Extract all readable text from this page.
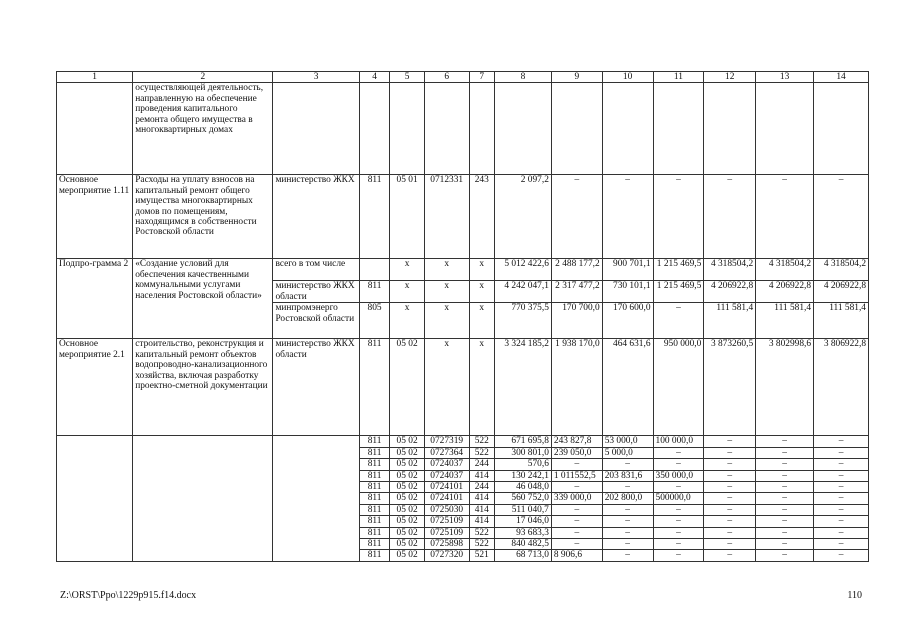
1	2	3	4	5	6	7	8	9	10	11	12	13	14
	осуществляющей деятельность, направленную на обеспечение проведения капитального ремонта общего имущества в многоквартирных домах												
Основное мероприятие 1.11	Расходы на уплату взносов на капитальный ремонт общего имущества многоквартирных домов по помещениям, находящимся в собственности Ростовской области	министерство ЖКХ	811	05 01	0712331	243	2 097,2	–	–	–	–	–	–
Подпро-грамма 2	«Создание условий для обеспечения качественными коммунальными услугами населения Ростовской области»	всего в том числе		x	x	x	5 012 422,6	2 488 177,2	900 701,1	1 215 469,5	4 318504,2	4 318504,2	4 318504,2
		министерство ЖКХ области	811	x	x	x	4 242 047,1	2 317 477,2	730 101,1	1 215 469,5	4 206922,8	4 206922,8	4 206922,8
		минпромэнерго Ростовской области	805	x	x	x	770 375,5	170 700,0	170 600,0	–	111 581,4	111 581,4	111 581,4
Основное мероприятие 2.1	строительство, реконструкция и капитальный ремонт объектов водопроводно-канализационного хозяйства, включая разработку проектно-сметной документации	министерство ЖКХ области	811	05 02	x	x	3 324 185,2	1 938 170,0	464 631,6	950 000,0	3 873260,5	3 802998,6	3 806922,8
			811	05 02	0727319	522	671 695,8	243 827,8	53 000,0	100 000,0	–	–	–
			811	05 02	0727364	522	300 801,0	239 050,0	5 000,0	–	–	–	–
			811	05 02	0724037	244	570,6	–	–	–	–	–	–
			811	05 02	0724037	414	130 242,1	1 011552,5	203 831,6	350 000,0	–	–	–
			811	05 02	0724101	244	46 048,0	–	–	–	–	–	–
			811	05 02	0724101	414	560 752,0	339 000,0	202 800,0	500000,0	–	–	–
			811	05 02	0725030	414	511 040,7	–	–	–	–	–	–
			811	05 02	0725109	414	17 046,0	–	–	–	–	–	–
			811	05 02	0725109	522	93 683,3	–	–	–	–	–	–
			811	05 02	0725898	522	840 482,5	–	–	–	–	–	–
			811	05 02	0727320	521	68 713,0	8 906,6	–	–	–	–	–
Z:\ORST\Ppo\1229p915.f14.docx	110
